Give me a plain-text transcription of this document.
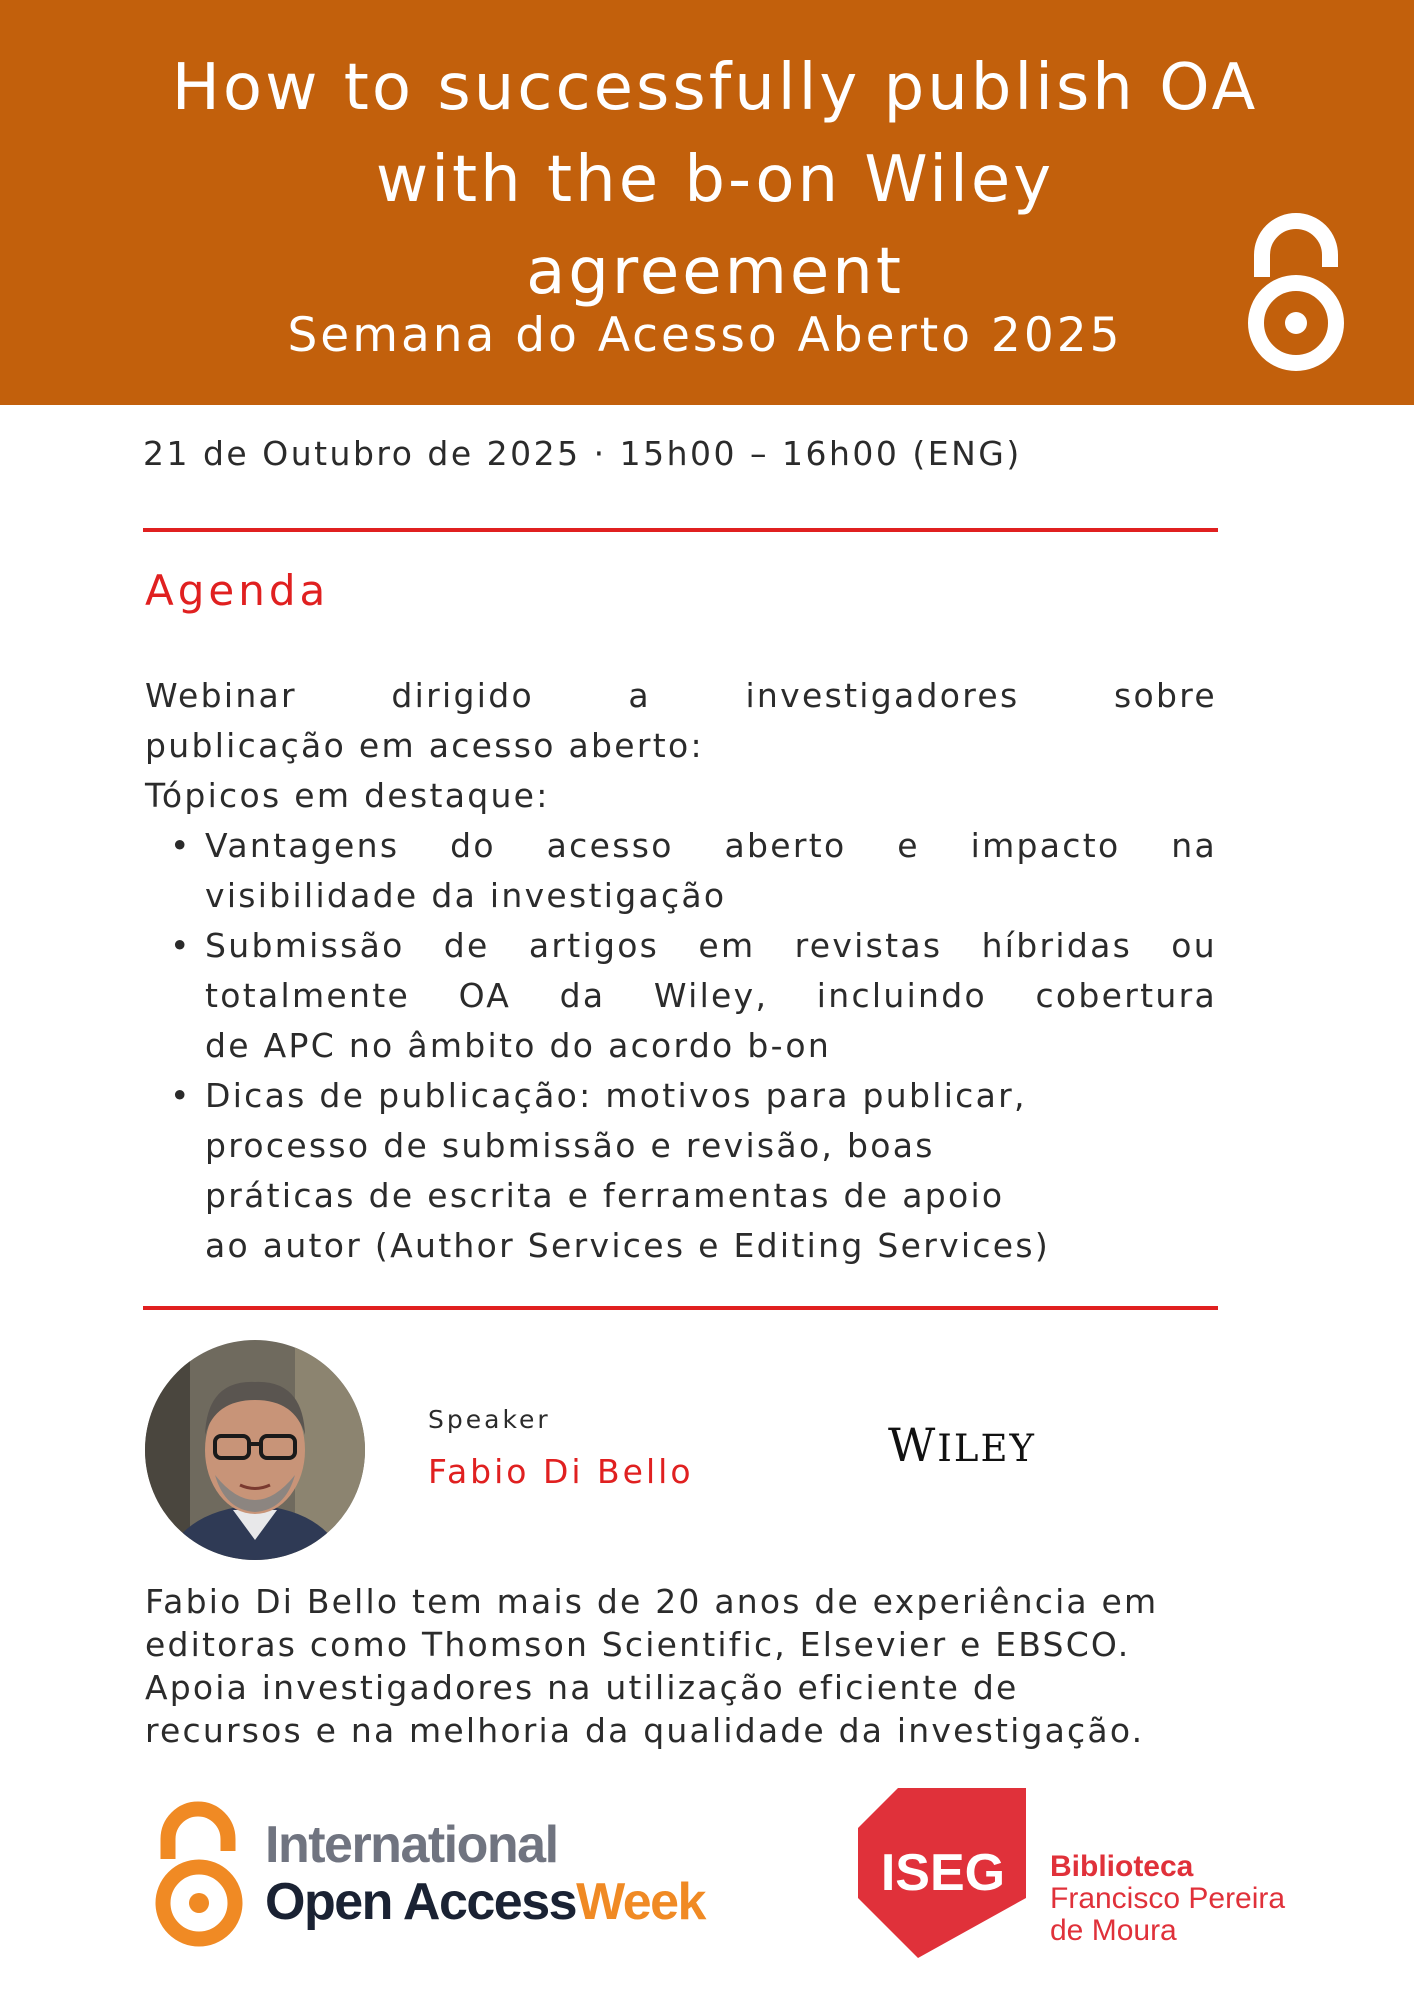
How to successfully publish OA
with the b-on Wiley
agreement
Semana do Acesso Aberto 2025
21 de Outubro de 2025 · 15h00 – 16h00 (ENG)
Agenda

Webinar dirigido a investigadores sobre

publicação em acesso aberto:

Tópicos em destaque:

• Vantagens do acesso aberto e impacto na
visibilidade da investigação
• Submissão de artigos em revistas híbridas ou
totalmente OA da Wiley, incluindo cobertura
de APC no âmbito do acordo b-on
• Dicas de publicação: motivos para publicar,
processo de submissão e revisão, boas
práticas de escrita e ferramentas de apoio
ao autor (Author Services e Editing Services)
Speaker
Fabio Di Bello	WILEY
Fabio Di Bello tem mais de 20 anos de experiência em
editoras como Thomson Scientific, Elsevier e EBSCO.
Apoia investigadores na utilização eficiente de
recursos e na melhoria da qualidade da investigação.
International
Open AccessWeek	ISEG Biblioteca
Francisco Pereira
de Moura
